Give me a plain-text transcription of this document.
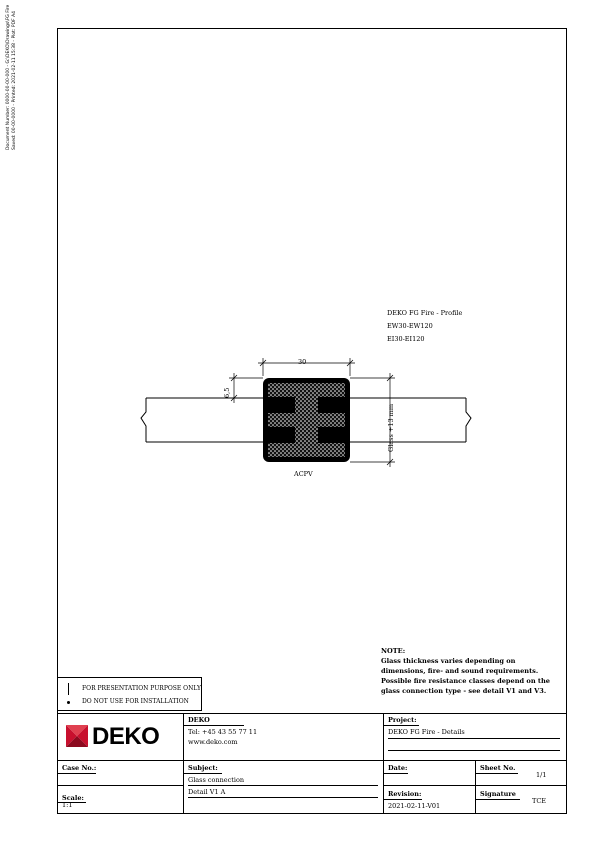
Document Number: 0000-00-00-000 - G:\DEKO\Drawings\FG Fire Saved: 00-00-0000 - Printed: 2021-02-11 15:38 - Plot: PDF A4
DEKO FG Fire - Profile
EW30-EW120
EI30-EI120
30
6,5
Glass +13 mm
ACPV
NOTE:
Glass thickness varies depending on
dimensions, fire- and sound requirements.
Possible fire resistance classes depend on the
glass connection type - see detail V1 and V3.
FOR PRESENTATION PURPOSE ONLY
DO NOT USE FOR INSTALLATION
DEKO
DEKO
Tel: +45 43 55 77 11
www.deko.com
Project:
DEKO FG Fire - Details
Case No.:	Subject:
Glass connection
Detail V1 A
Date:	Sheet No.
1/1
Scale:
1:1
Revision:
2021-02-11-V01
Signature
TCE
